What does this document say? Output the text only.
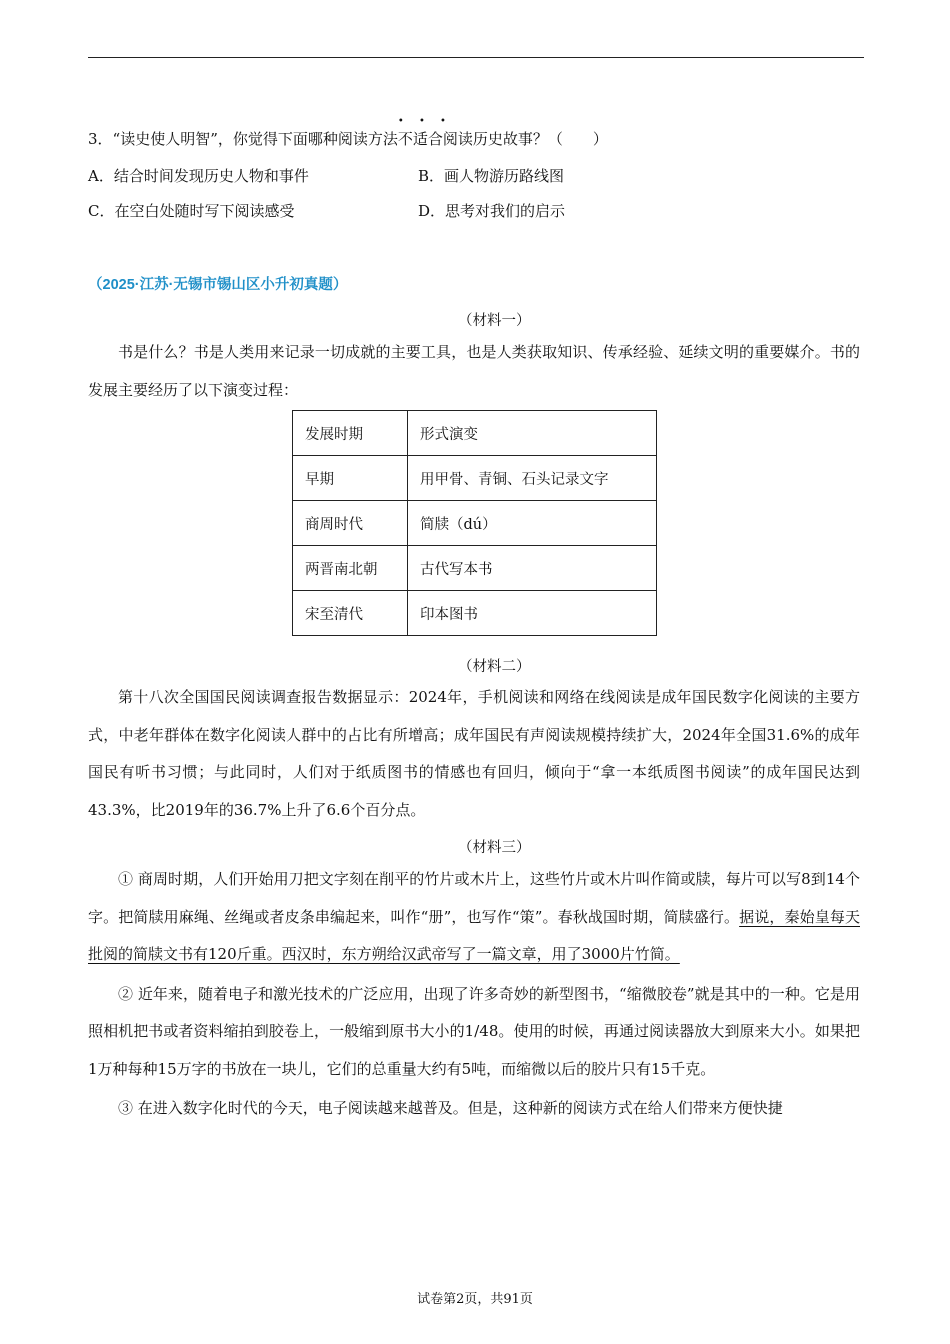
3．“读史使人明智”，你觉得下面哪种阅读方法
• • •
不适合阅读历史故事？（　　）
A．结合时间发现历史人物和事件	B．画人物游历路线图
C．在空白处随时写下阅读感受	D．思考对我们的启示
（2025·江苏·无锡市锡山区小升初真题）
（材料一）

书是什么？书是人类用来记录一切成就的主要工具，也是人类获取知识、传承经验、延续文明的重要媒介。书的发展主要经历了以下演变过程：

发展时期	形式演变
早期	用甲骨、青铜、石头记录文字
商周时代	简牍（dú）
两晋南北朝	古代写本书
宋至清代	印本图书
（材料二）

第十八次全国国民阅读调查报告数据显示：2024年，手机阅读和网络在线阅读是成年国民数字化阅读的主要方式，中老年群体在数字化阅读人群中的占比有所增高；成年国民有声阅读规模持续扩大，2024年全国31.6%的成年国民有听书习惯；与此同时，人们对于纸质图书的情感也有回归，倾向于“拿一本纸质图书阅读”的成年国民达到43.3%，比2019年的36.7%上升了6.6个百分点。

（材料三）

① 商周时期，人们开始用刀把文字刻在削平的竹片或木片上，这些竹片或木片叫作简或牍，每片可以写8到14个字。把简牍用麻绳、丝绳或者皮条串编起来，叫作“册”，也写作“策”。春秋战国时期，简牍盛行。据说，秦始皇每天批阅的简牍文书有120斤重。西汉时，东方朔给汉武帝写了一篇文章，用了3000片竹简。

② 近年来，随着电子和激光技术的广泛应用，出现了许多奇妙的新型图书，“缩微胶卷”就是其中的一种。它是用照相机把书或者资料缩拍到胶卷上，一般缩到原书大小的1/48。使用的时候，再通过阅读器放大到原来大小。如果把1万种每种15万字的书放在一块儿，它们的总重量大约有5吨，而缩微以后的胶片只有15千克。

③ 在进入数字化时代的今天，电子阅读越来越普及。但是，这种新的阅读方式在给人们带来方便快捷

试卷第2页，共91页
